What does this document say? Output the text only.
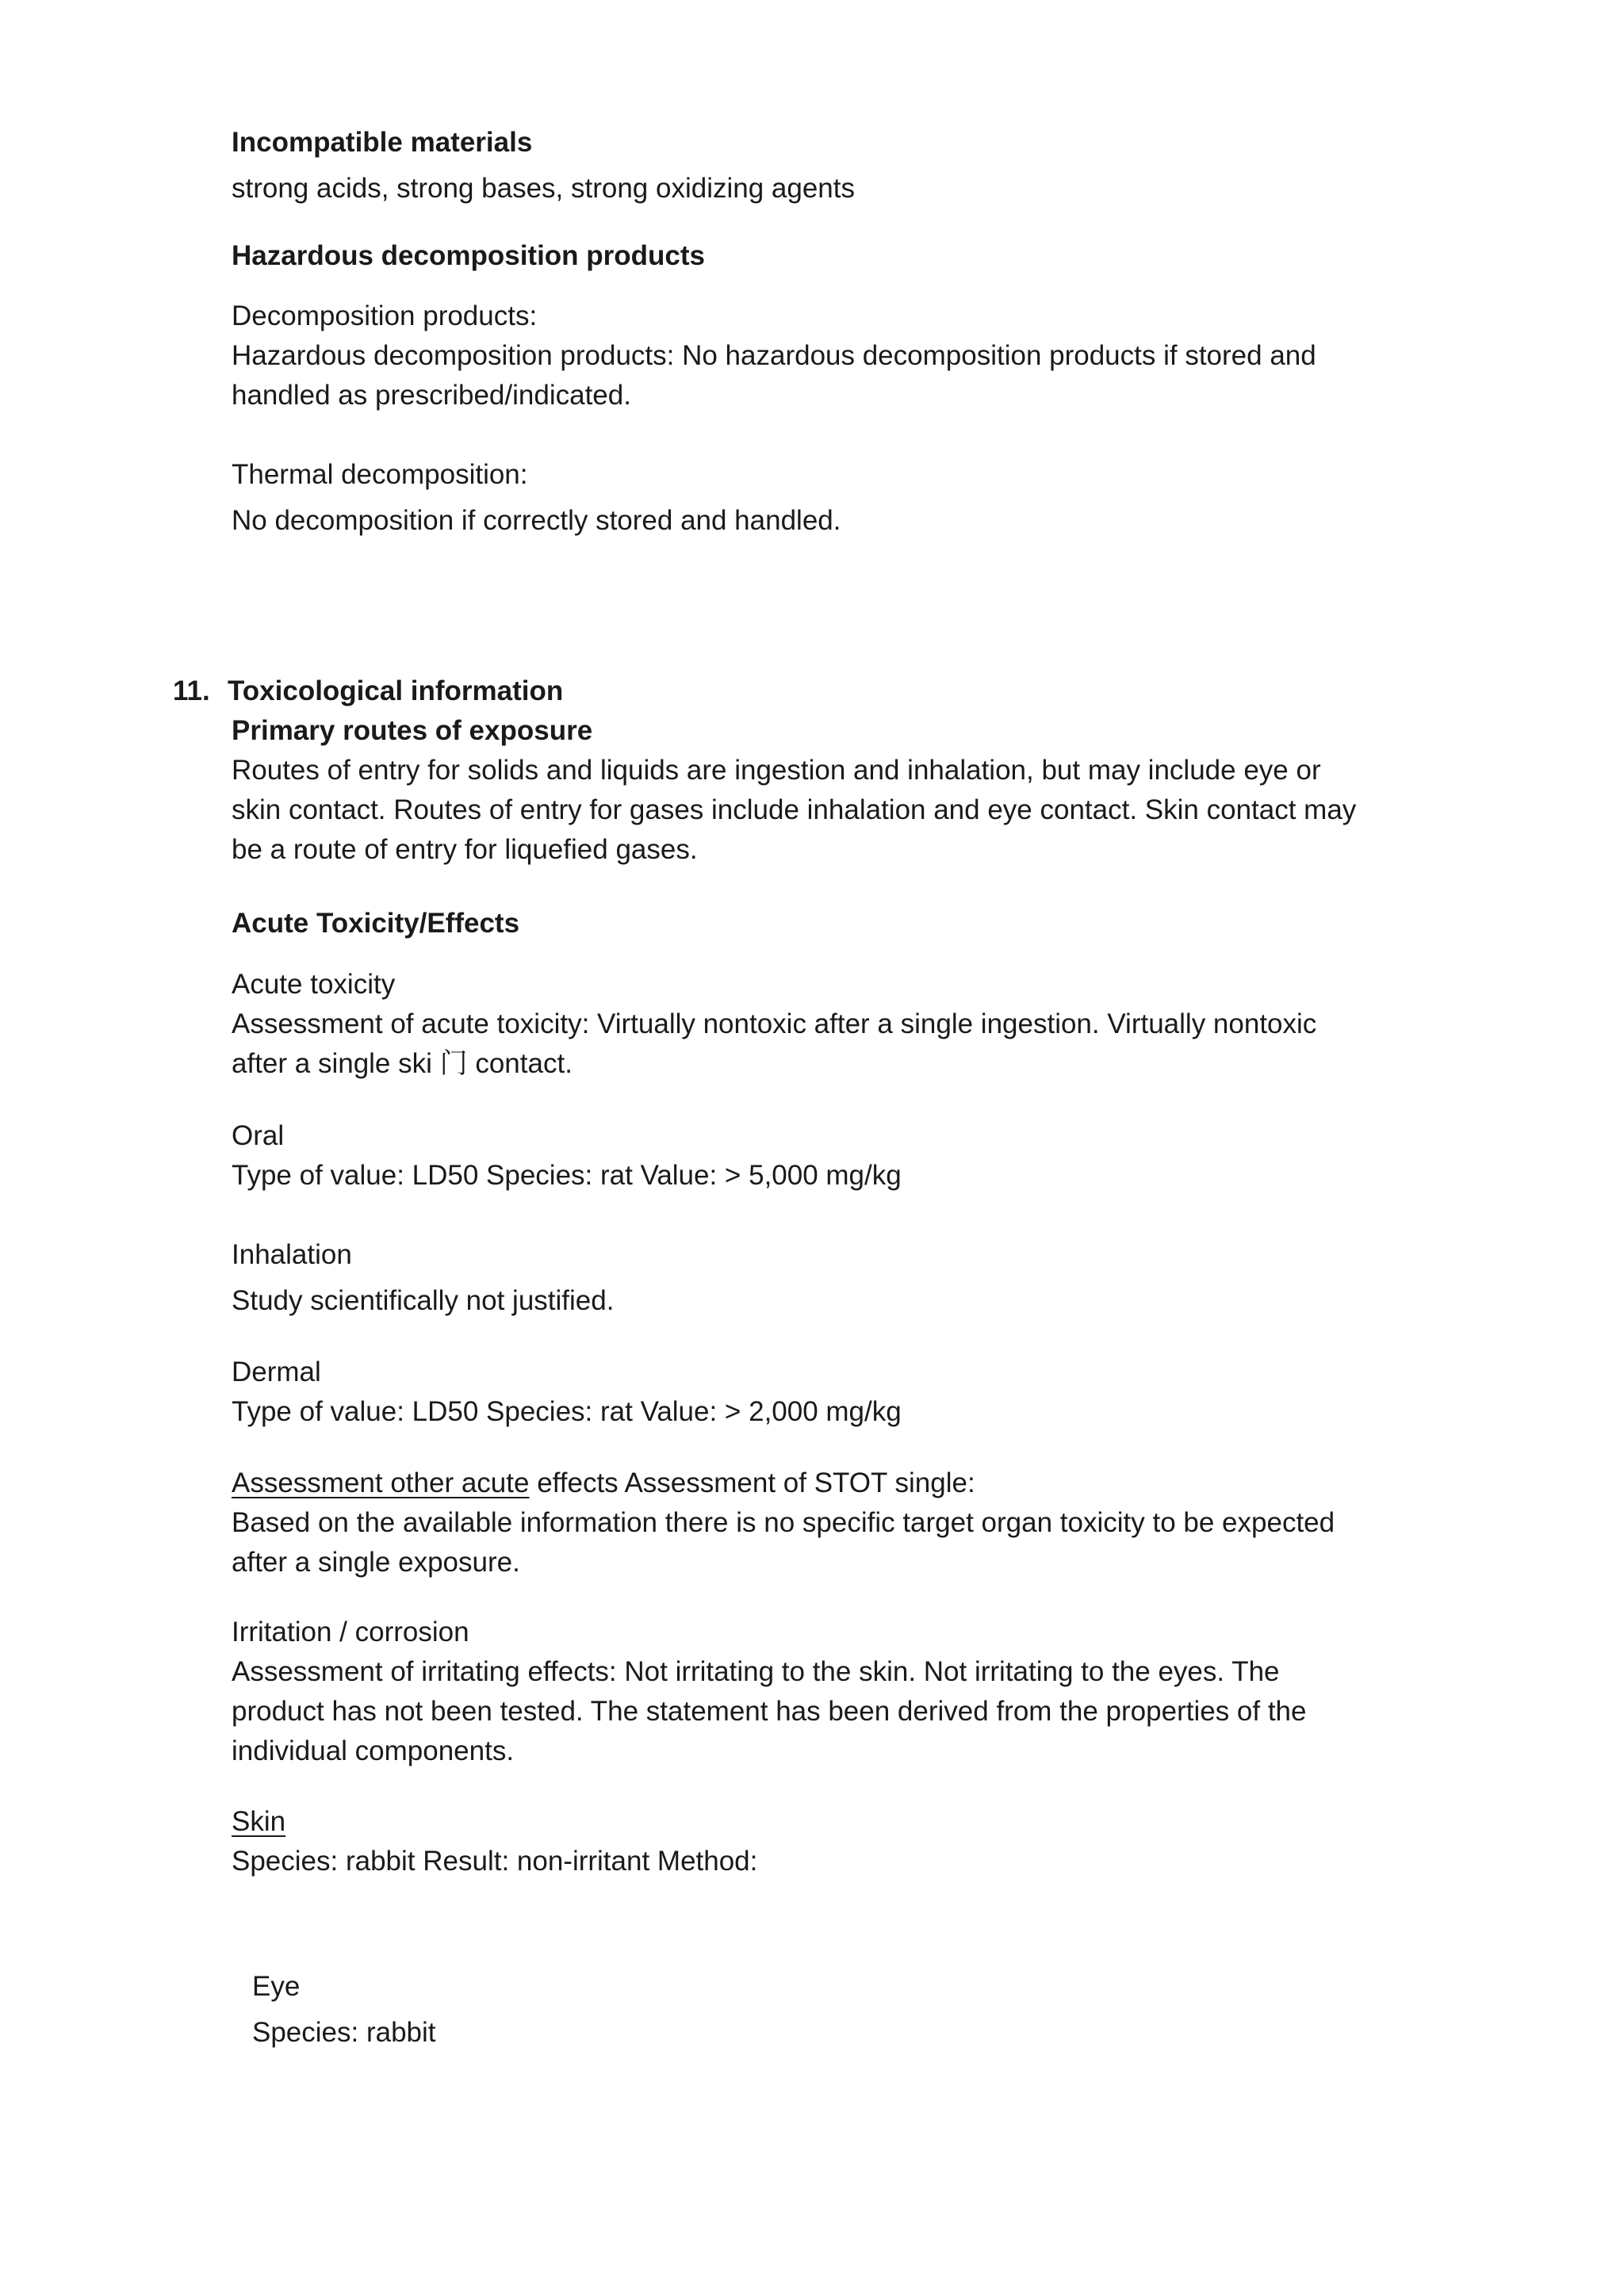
Incompatible materials

strong acids, strong bases, strong oxidizing agents

Hazardous decomposition products

Decomposition products:

Hazardous decomposition products: No hazardous decomposition products if stored and

handled as prescribed/indicated.

Thermal decomposition:

No decomposition if correctly stored and handled.

11. Toxicological information

Primary routes of exposure

Routes of entry for solids and liquids are ingestion and inhalation, but may include eye or

skin contact. Routes of entry for gases include inhalation and eye contact. Skin contact may

be a route of entry for liquefied gases.

Acute Toxicity/Effects

Acute toxicity

Assessment of acute toxicity: Virtually nontoxic after a single ingestion. Virtually nontoxic

after a single ski 门 contact.

Oral

Type of value: LD50 Species: rat Value: > 5,000 mg/kg

Inhalation

Study scientifically not justified.

Dermal

Type of value: LD50 Species: rat Value: > 2,000 mg/kg

Assessment other acute effects Assessment of STOT single:

Based on the available information there is no specific target organ toxicity to be expected

after a single exposure.

Irritation / corrosion

Assessment of irritating effects: Not irritating to the skin. Not irritating to the eyes. The

product has not been tested. The statement has been derived from the properties of the

individual components.

Skin

Species: rabbit Result: non-irritant Method:

Eye

Species: rabbit
